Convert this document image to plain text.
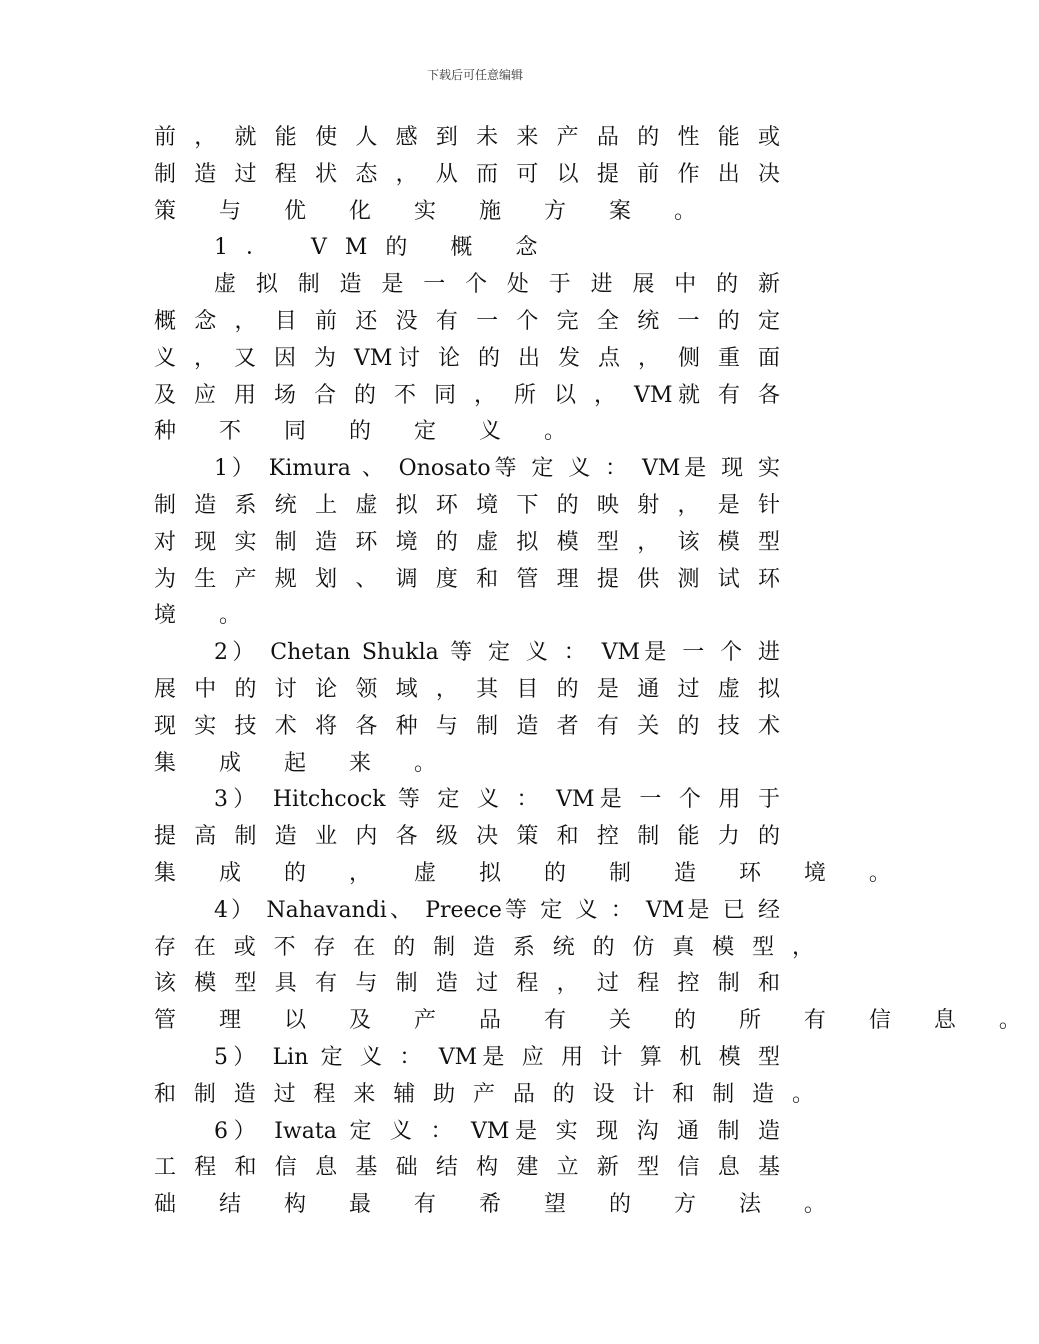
下载后可任意编辑
前 ， 就 能 使 人 感 到 未 来 产 品 的 性 能 或
制 造 过 程 状 态 ， 从 而 可 以 提 前 作 出 决
策 与 优 化 实 施 方 案 。
1． VM的 概 念
虚 拟 制 造 是 一 个 处 于 进 展 中 的 新
概 念 ， 目 前 还 没 有 一 个 完 全 统 一 的 定
义 ， 又 因 为 VM讨 论 的 出 发 点 ， 侧 重 面
及 应 用 场 合 的 不 同 ， 所 以 ， VM就 有 各
种 不 同 的 定 义 。
1） Kimura 、 Onosato等 定 义 ： VM是 现 实
制 造 系 统 上 虚 拟 环 境 下 的 映 射 ， 是 针
对 现 实 制 造 环 境 的 虚 拟 模 型 ， 该 模 型
为 生 产 规 划 、 调 度 和 管 理 提 供 测 试 环
境 。
2） Chetan Shukla 等 定 义 ： VM是 一 个 进
展 中 的 讨 论 领 域 ， 其 目 的 是 通 过 虚 拟
现 实 技 术 将 各 种 与 制 造 者 有 关 的 技 术
集 成 起 来 。
3） Hitchcock 等 定 义 ： VM是 一 个 用 于
提 高 制 造 业 内 各 级 决 策 和 控 制 能 力 的
集 成 的 ， 虚 拟 的 制 造 环 境 。
4） Nahavandi、 Preece等 定 义 ： VM是 已 经
存 在 或 不 存 在 的 制 造 系 统 的 仿 真 模 型 ，
该 模 型 具 有 与 制 造 过 程 ， 过 程 控 制 和
管 理 以 及 产 品 有 关 的 所 有 信 息 。
5） Lin 定 义 ： VM是 应 用 计 算 机 模 型
和 制 造 过 程 来 辅 助 产 品 的 设 计 和 制 造 。
6） Iwata 定 义 ： VM是 实 现 沟 通 制 造
工 程 和 信 息 基 础 结 构 建 立 新 型 信 息 基
础 结 构 最 有 希 望 的 方 法 。
